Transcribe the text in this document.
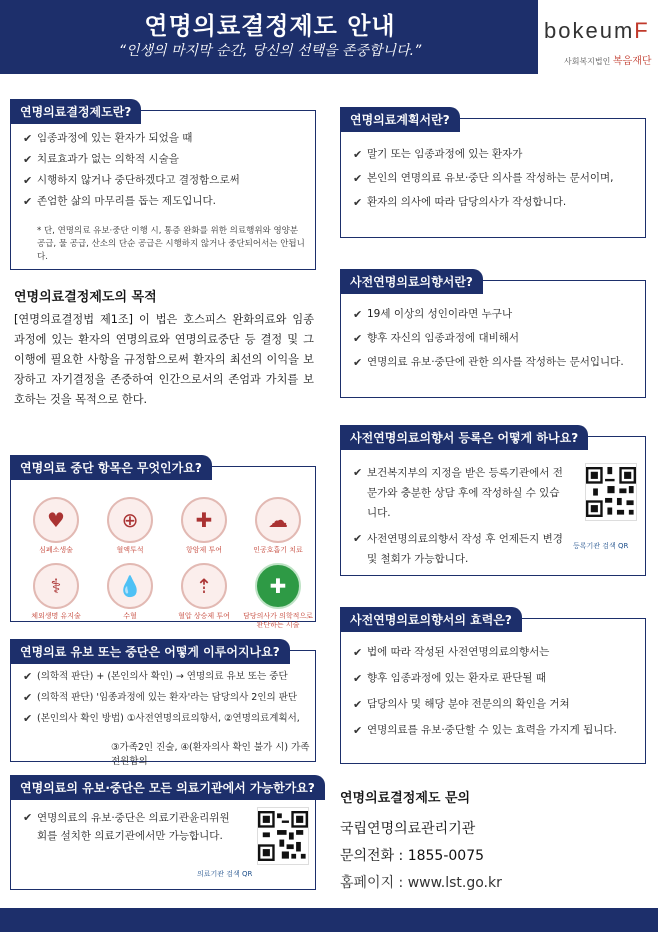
연명의료결정제도 안내
“인생의 마지막 순간, 당신의 선택을 존중합니다.”
bokeumF
사회복지법인 복음재단
연명의료결정제도란?
✔ 임종과정에 있는 환자가 되었을 때
✔ 치료효과가 없는 의학적 시술을
✔ 시행하지 않거나 중단하겠다고 결정함으로써
✔ 존엄한 삶의 마무리를 돕는 제도입니다.
* 단, 연명의료 유보·중단 이행 시, 통증 완화를 위한 의료행위와 영양분 공급, 물 공급, 산소의 단순 공급은 시행하지 않거나 중단되어서는 안됩니다.
연명의료결정제도의 목적
[연명의료결정법 제1조] 이 법은 호스피스 완화의료와 임종 과정에 있는 환자의 연명의료와 연명의료중단 등 결정 및 그 이행에 필요한 사항을 규정함으로써 환자의 최선의 이익을 보장하고 자기결정을 존중하여 인간으로서의 존엄과 가치를 보호하는 것을 목적으로 한다.
연명의료 중단 항목은 무엇인가요?
♥
심폐소생술
⊕
혈액투석
✚
항암제 투여
☁
인공호흡기 치료
⚕
체외생명 유지술
💧
수혈
⇡
혈압 상승제 투여
✚
담당의사가 의학적으로 판단하는 시술
연명의료 유보 또는 중단은 어떻게 이루어지나요?
✔ (의학적 판단) + (본인의사 확인) → 연명의료 유보 또는 중단
✔ (의학적 판단) '임종과정에 있는 환자'라는 담당의사 2인의 판단
✔ (본인의사 확인 방법) ①사전연명의료의향서, ②연명의료계획서,
③가족2인 진술, ④(환자의사 확인 불가 시) 가족 전원합의
연명의료의 유보·중단은 모든 의료기관에서 가능한가요?
✔ 연명의료의 유보·중단은 의료기관윤리위원회를 설치한 의료기관에서만 가능합니다.
의료기관 검색 QR
연명의료계획서란?
✔ 말기 또는 임종과정에 있는 환자가
✔ 본인의 연명의료 유보·중단 의사를 작성하는 문서이며,
✔ 환자의 의사에 따라 담당의사가 작성합니다.
사전연명의료의향서란?
✔ 19세 이상의 성인이라면 누구나
✔ 향후 자신의 임종과정에 대비해서
✔ 연명의료 유보·중단에 관한 의사를 작성하는 문서입니다.
사전연명의료의향서 등록은 어떻게 하나요?
✔ 보건복지부의 지정을 받은 등록기관에서 전문가와 충분한 상담 후에 작성하실 수 있습니다.
✔ 사전연명의료의향서 작성 후 언제든지 변경 및 철회가 가능합니다.
등록기관 검색 QR
사전연명의료의향서의 효력은?
✔ 법에 따라 작성된 사전연명의료의향서는
✔ 향후 임종과정에 있는 환자로 판단될 때
✔ 담당의사 및 해당 분야 전문의의 확인을 거쳐
✔ 연명의료를 유보·중단할 수 있는 효력을 가지게 됩니다.
연명의료결정제도 문의
국립연명의료관리기관
문의전화 : 1855-0075
홈페이지 : www.lst.go.kr
